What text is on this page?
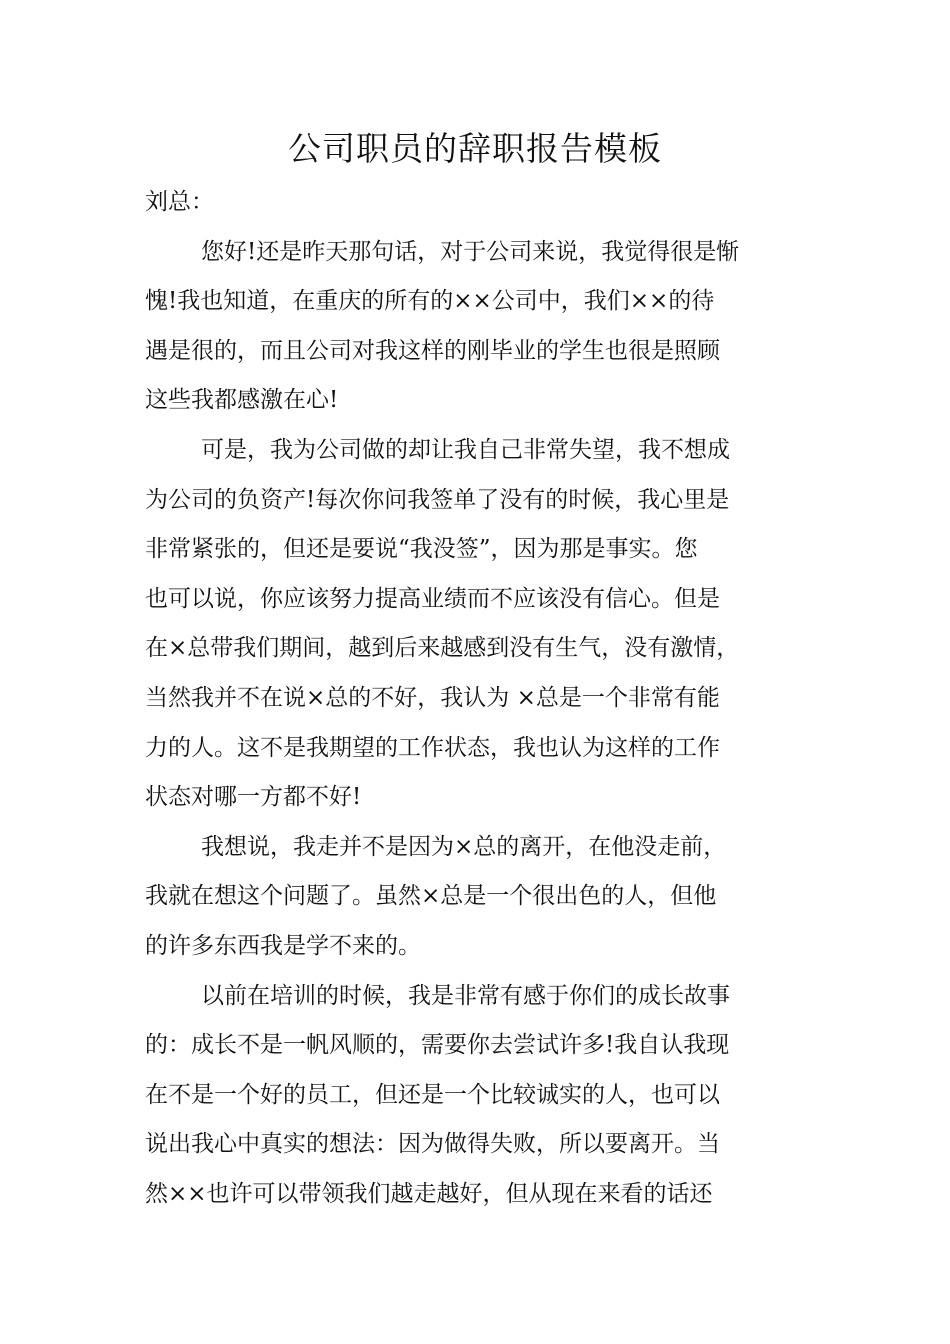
公司职员的辞职报告模板
刘总：
您好!还是昨天那句话，对于公司来说，我觉得很是惭
愧!我也知道，在重庆的所有的××公司中，我们××的待
遇是很的，而且公司对我这样的刚毕业的学生也很是照顾
这些我都感激在心!
可是，我为公司做的却让我自己非常失望，我不想成
为公司的负资产!每次你问我签单了没有的时候，我心里是
非常紧张的，但还是要说“我没签”，因为那是事实。您
也可以说，你应该努力提高业绩而不应该没有信心。但是
在×总带我们期间，越到后来越感到没有生气，没有激情，
当然我并不在说×总的不好，我认为 ×总是一个非常有能
力的人。这不是我期望的工作状态，我也认为这样的工作
状态对哪一方都不好!
我想说，我走并不是因为×总的离开，在他没走前，
我就在想这个问题了。虽然×总是一个很出色的人，但他
的许多东西我是学不来的。
以前在培训的时候，我是非常有感于你们的成长故事
的：成长不是一帆风顺的，需要你去尝试许多!我自认我现
在不是一个好的员工，但还是一个比较诚实的人，也可以
说出我心中真实的想法：因为做得失败，所以要离开。当
然××也许可以带领我们越走越好，但从现在来看的话还
